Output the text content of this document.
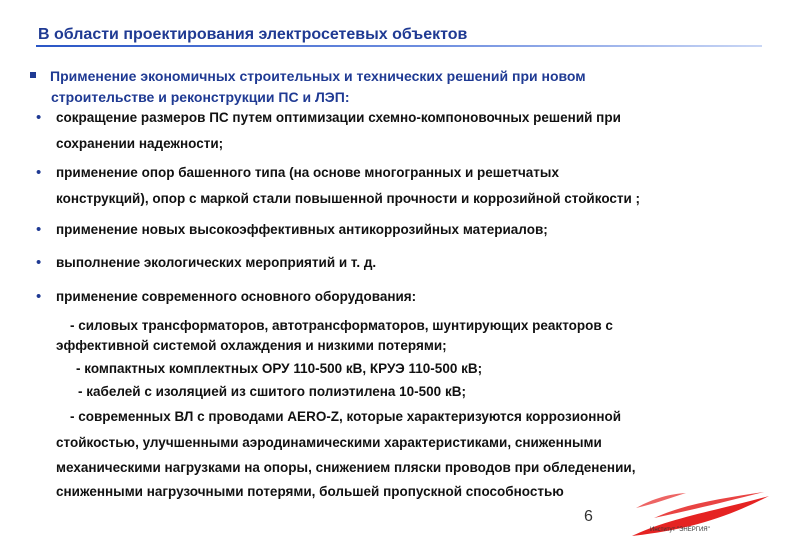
В области проектирования электросетевых объектов
Применение экономичных строительных и технических решений при новом
строительстве и реконструкции ПС и ЛЭП:
• сокращение размеров ПС путем оптимизации схемно-компоновочных решений при
сохранении надежности;
• применение опор башенного типа (на основе многогранных и решетчатых
конструкций), опор с маркой стали повышенной прочности и коррозийной стойкости ;
• применение новых высокоэффективных антикоррозийных материалов;
• выполнение экологических мероприятий и т. д.
• применение современного основного оборудования:
- силовых трансформаторов, автотрансформаторов, шунтирующих реакторов с
эффективной системой охлаждения и низкими потерями;
- компактных комплектных ОРУ 110-500 кВ, КРУЭ 110-500 кВ;
- кабелей с изоляцией из сшитого полиэтилена 10-500 кВ;
- современных ВЛ с проводами AERO-Z, которые характеризуются коррозионной
стойкостью, улучшенными аэродинамическими характеристиками, сниженными
механическими нагрузками на опоры, снижением пляски проводов при обледенении,
сниженными нагрузочными потерями, большей пропускной способностью
6
Институт "ЭНЕРГИЯ"
